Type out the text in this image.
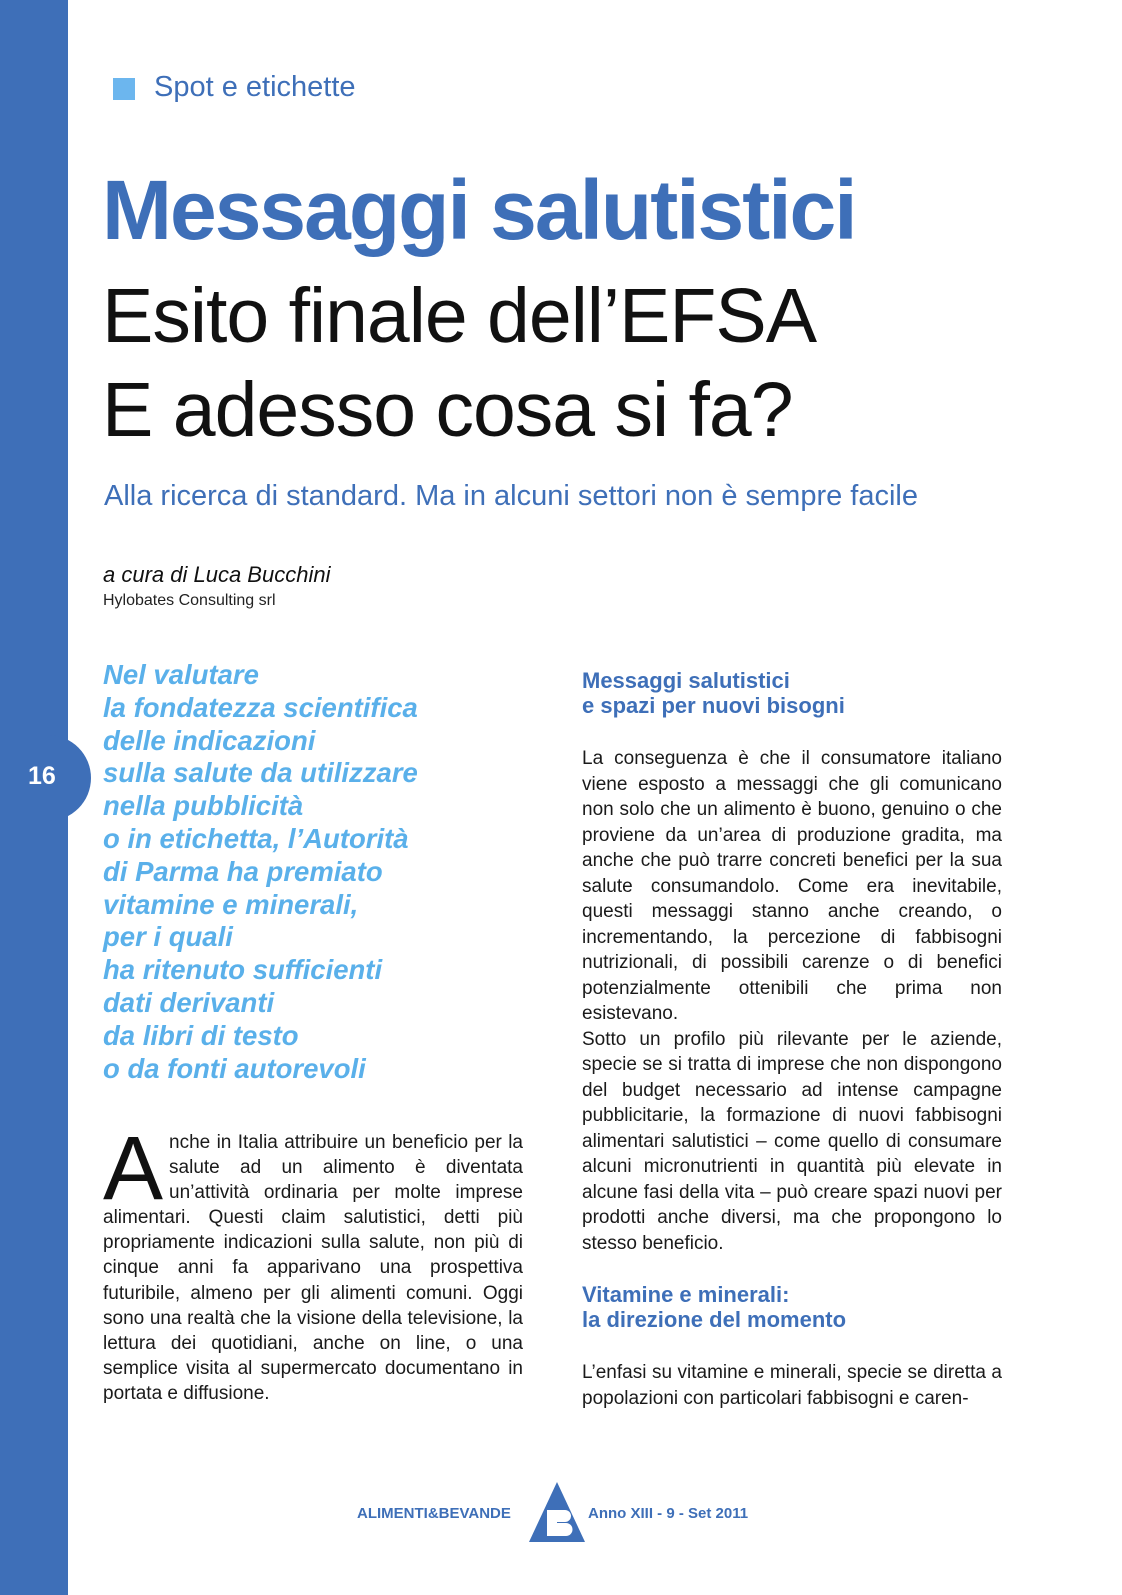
16
Spot e etichette
Messaggi salutistici
Esito finale dell’EFSA
E adesso cosa si fa?
Alla ricerca di standard. Ma in alcuni settori non è sempre facile
a cura di Luca Bucchini
Hylobates Consulting srl
Nel valutare
la fondatezza scientifica
delle indicazioni
sulla salute da utilizzare
nella pubblicità
o in etichetta, l’Autorità
di Parma ha premiato
vitamine e minerali,
per i quali
ha ritenuto sufficienti
dati derivanti
da libri di testo
o da fonti autorevoli
Anche in Italia attribuire un beneficio per la salute ad un alimento è diventata un’attività ordinaria per molte imprese alimentari. Questi claim salutistici, detti più propriamente indicazioni sulla salute, non più di cinque anni fa apparivano una prospettiva futuribile, almeno per gli alimenti comuni. Oggi sono una realtà che la visione della televisione, la lettura dei quotidiani, anche on line, o una semplice visita al supermercato documentano in portata e diffusione.
Messaggi salutistici
e spazi per nuovi bisogni
La conseguenza è che il consumatore italiano viene esposto a messaggi che gli comunicano non solo che un alimento è buono, genuino o che proviene da un’area di produzione gradita, ma anche che può trarre concreti benefici per la sua salute consumandolo. Come era inevitabile, questi messaggi stanno anche creando, o incrementando, la percezione di fabbisogni nutrizionali, di possibili carenze o di benefici potenzialmente ottenibili che prima non esistevano.
Sotto un profilo più rilevante per le aziende, specie se si tratta di imprese che non dispongono del budget necessario ad intense campagne pubblicitarie, la formazione di nuovi fabbisogni alimentari salutistici – come quello di consumare alcuni micronutrienti in quantità più elevate in alcune fasi della vita – può creare spazi nuovi per prodotti anche diversi, ma che propongono lo stesso beneficio.
Vitamine e minerali:
la direzione del momento
L’enfasi su vitamine e minerali, specie se diretta a popolazioni con particolari fabbisogni e caren-
ALIMENTI&BEVANDE	Anno XIII - 9 - Set 2011
